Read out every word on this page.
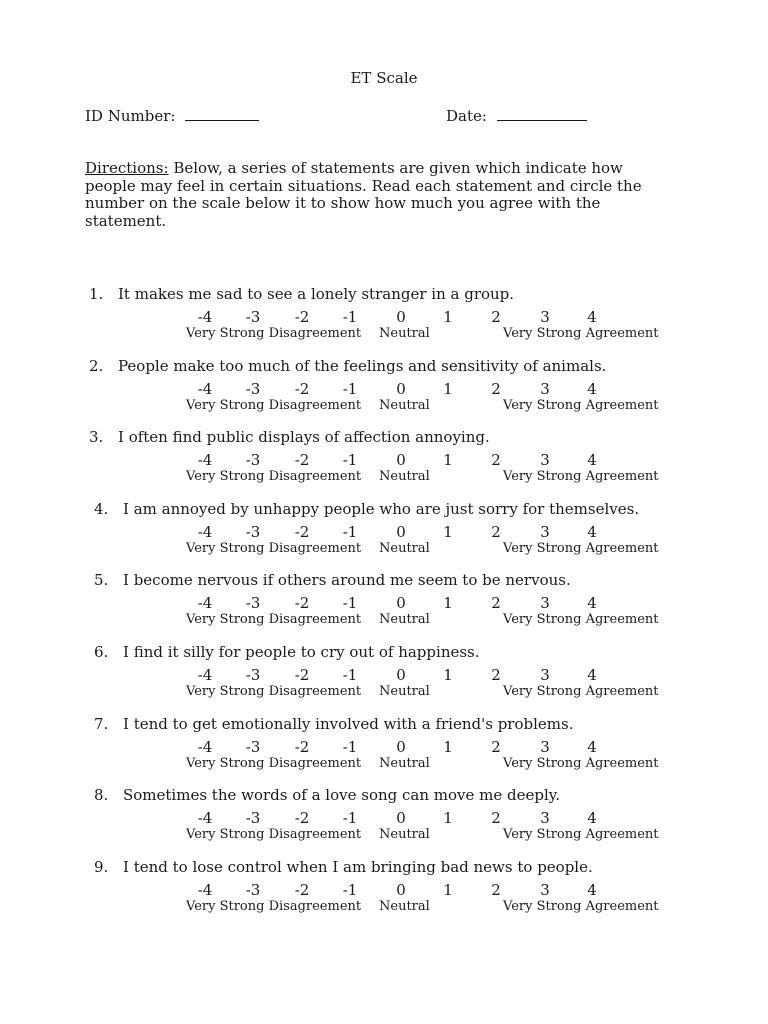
ET Scale
ID Number:	Date:
Directions: Below, a series of statements are given which indicate how people may feel in certain situations. Read each statement and circle the number on the scale below it to show how much you agree with the statement.
1. It makes me sad to see a lonely stranger in a group.
-4	-3	-2	-1	0	1	2	3	4
Very Strong Disagreement Neutral	Very Strong Agreement
2. People make too much of the feelings and sensitivity of animals.
-4	-3	-2	-1	0	1	2	3	4
Very Strong Disagreement Neutral	Very Strong Agreement
3. I often find public displays of affection annoying.
-4	-3	-2	-1	0	1	2	3	4
Very Strong Disagreement Neutral	Very Strong Agreement
4. I am annoyed by unhappy people who are just sorry for themselves.
-4	-3	-2	-1	0	1	2	3	4
Very Strong Disagreement Neutral	Very Strong Agreement
5. I become nervous if others around me seem to be nervous.
-4	-3	-2	-1	0	1	2	3	4
Very Strong Disagreement Neutral	Very Strong Agreement
6. I find it silly for people to cry out of happiness.
-4	-3	-2	-1	0	1	2	3	4
Very Strong Disagreement Neutral	Very Strong Agreement
7. I tend to get emotionally involved with a friend's problems.
-4	-3	-2	-1	0	1	2	3	4
Very Strong Disagreement Neutral	Very Strong Agreement
8. Sometimes the words of a love song can move me deeply.
-4	-3	-2	-1	0	1	2	3	4
Very Strong Disagreement Neutral	Very Strong Agreement
9. I tend to lose control when I am bringing bad news to people.
-4	-3	-2	-1	0	1	2	3	4
Very Strong Disagreement Neutral	Very Strong Agreement
